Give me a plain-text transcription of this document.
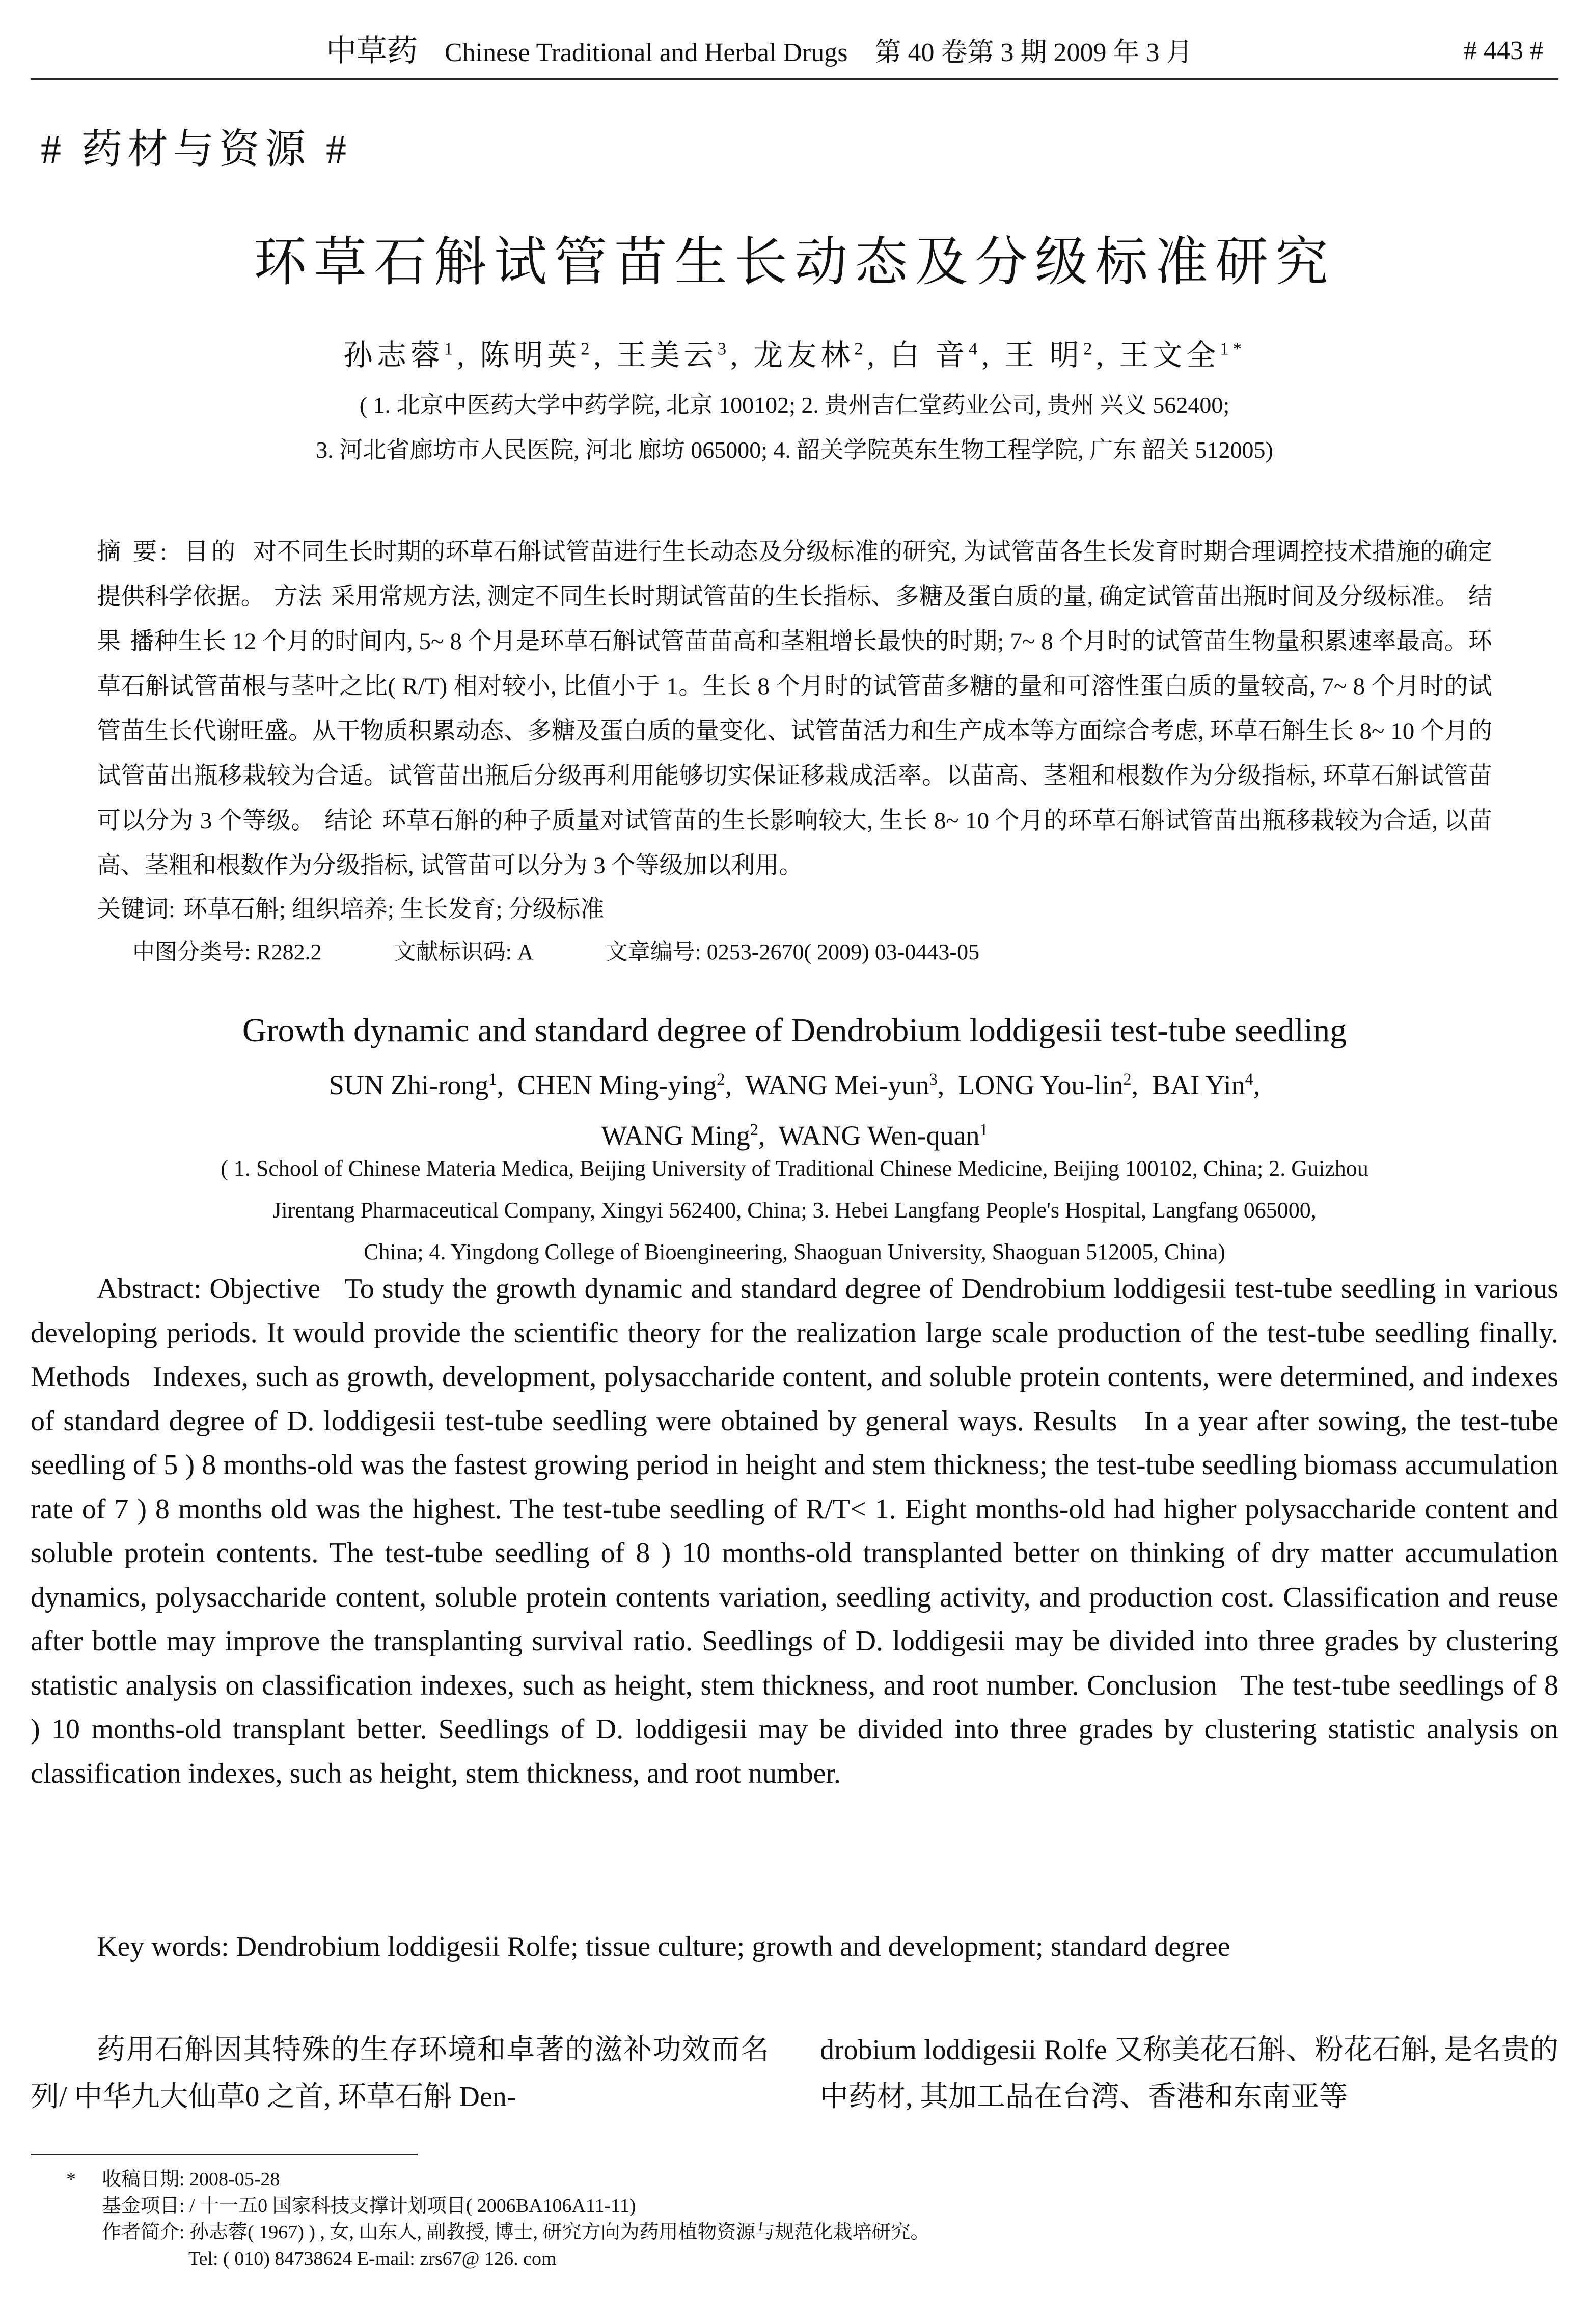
中草药 Chinese Traditional and Herbal Drugs 第 40 卷第 3 期 2009 年 3 月	# 443 #
# 药材与资源 #
环草石斛试管苗生长动态及分级标准研究
孙志蓉$^1$, 陈明英$^2$, 王美云$^3$, 龙友林$^2$, 白 音$^4$, 王 明$^2$, 王文全$^{1*}$
( 1. 北京中医药大学中药学院, 北京 100102; 2. 贵州吉仁堂药业公司, 贵州 兴义 562400;
3. 河北省廊坊市人民医院, 河北 廊坊 065000; 4. 韶关学院英东生物工程学院, 广东 韶关 512005)
摘 要: 目的 对不同生长时期的环草石斛试管苗进行生长动态及分级标准的研究, 为试管苗各生长发育时期合理调控技术措施的确定提供科学依据。 方法 采用常规方法, 测定不同生长时期试管苗的生长指标、多糖及蛋白质的量, 确定试管苗出瓶时间及分级标准。 结果 播种生长 12 个月的时间内, 5~ 8 个月是环草石斛试管苗苗高和茎粗增长最快的时期; 7~ 8 个月时的试管苗生物量积累速率最高。环草石斛试管苗根与茎叶之比( R/T) 相对较小, 比值小于 1。生长 8 个月时的试管苗多糖的量和可溶性蛋白质的量较高, 7~ 8 个月时的试管苗生长代谢旺盛。从干物质积累动态、多糖及蛋白质的量变化、试管苗活力和生产成本等方面综合考虑, 环草石斛生长 8~ 10 个月的试管苗出瓶移栽较为合适。试管苗出瓶后分级再利用能够切实保证移栽成活率。以苗高、茎粗和根数作为分级指标, 环草石斛试管苗可以分为 3 个等级。 结论 环草石斛的种子质量对试管苗的生长影响较大, 生长 8~ 10 个月的环草石斛试管苗出瓶移栽较为合适, 以苗高、茎粗和根数作为分级指标, 试管苗可以分为 3 个等级加以利用。
关键词: 环草石斛; 组织培养; 生长发育; 分级标准
中图分类号: R282.2	文献标识码: A	文章编号: 0253-2670( 2009) 03-0443-05
Growth dynamic and standard degree of Dendrobium loddigesii test-tube seedling
SUN Zhi-rong$^1$,  CHEN Ming-ying$^2$,  WANG Mei-yun$^3$,  LONG You-lin$^2$,  BAI Yin$^4$,
WANG Ming$^2$,  WANG Wen-quan$^1$
( 1. School of Chinese Materia Medica, Beijing University of Traditional Chinese Medicine, Beijing 100102, China; 2. Guizhou
Jirentang Pharmaceutical Company, Xingyi 562400, China; 3. Hebei Langfang People's Hospital, Langfang 065000,
China; 4. Yingdong College of Bioengineering, Shaoguan University, Shaoguan 512005, China)
Abstract: Objective To study the growth dynamic and standard degree of Dendrobium loddigesii test-tube seedling in various developing periods. It would provide the scientific theory for the realization large scale production of the test-tube seedling finally. Methods Indexes, such as growth, development, polysaccharide content, and soluble protein contents, were determined, and indexes of standard degree of D. loddigesii test-tube seedling were obtained by general ways. Results In a year after sowing, the test-tube seedling of 5 ) 8 months-old was the fastest growing period in height and stem thickness; the test-tube seedling biomass accumulation rate of 7 ) 8 months old was the highest. The test-tube seedling of R/T< 1. Eight months-old had higher polysaccharide content and soluble protein contents. The test-tube seedling of 8 ) 10 months-old transplanted better on thinking of dry matter accumulation dynamics, polysaccharide content, soluble protein contents variation, seedling activity, and production cost. Classification and reuse after bottle may improve the transplanting survival ratio. Seedlings of D. loddigesii may be divided into three grades by clustering statistic analysis on classification indexes, such as height, stem thickness, and root number. Conclusion The test-tube seedlings of 8 ) 10 months-old transplant better. Seedlings of D. loddigesii may be divided into three grades by clustering statistic analysis on classification indexes, such as height, stem thickness, and root number.
Key words: Dendrobium loddigesii Rolfe; tissue culture; growth and development; standard degree
药用石斛因其特殊的生存环境和卓著的滋补功效而名列/ 中华九大仙草0 之首, 环草石斛 Den-
drobium loddigesii Rolfe 又称美花石斛、粉花石斛, 是名贵的中药材, 其加工品在台湾、香港和东南亚等
* 收稿日期: 2008-05-28
基金项目: / 十一五0 国家科技支撑计划项目( 2006BA106A11-11)
作者简介: 孙志蓉( 1967) ) , 女, 山东人, 副教授, 博士, 研究方向为药用植物资源与规范化栽培研究。
Tel: ( 010) 84738624 E-mail: zrs67@ 126. com
